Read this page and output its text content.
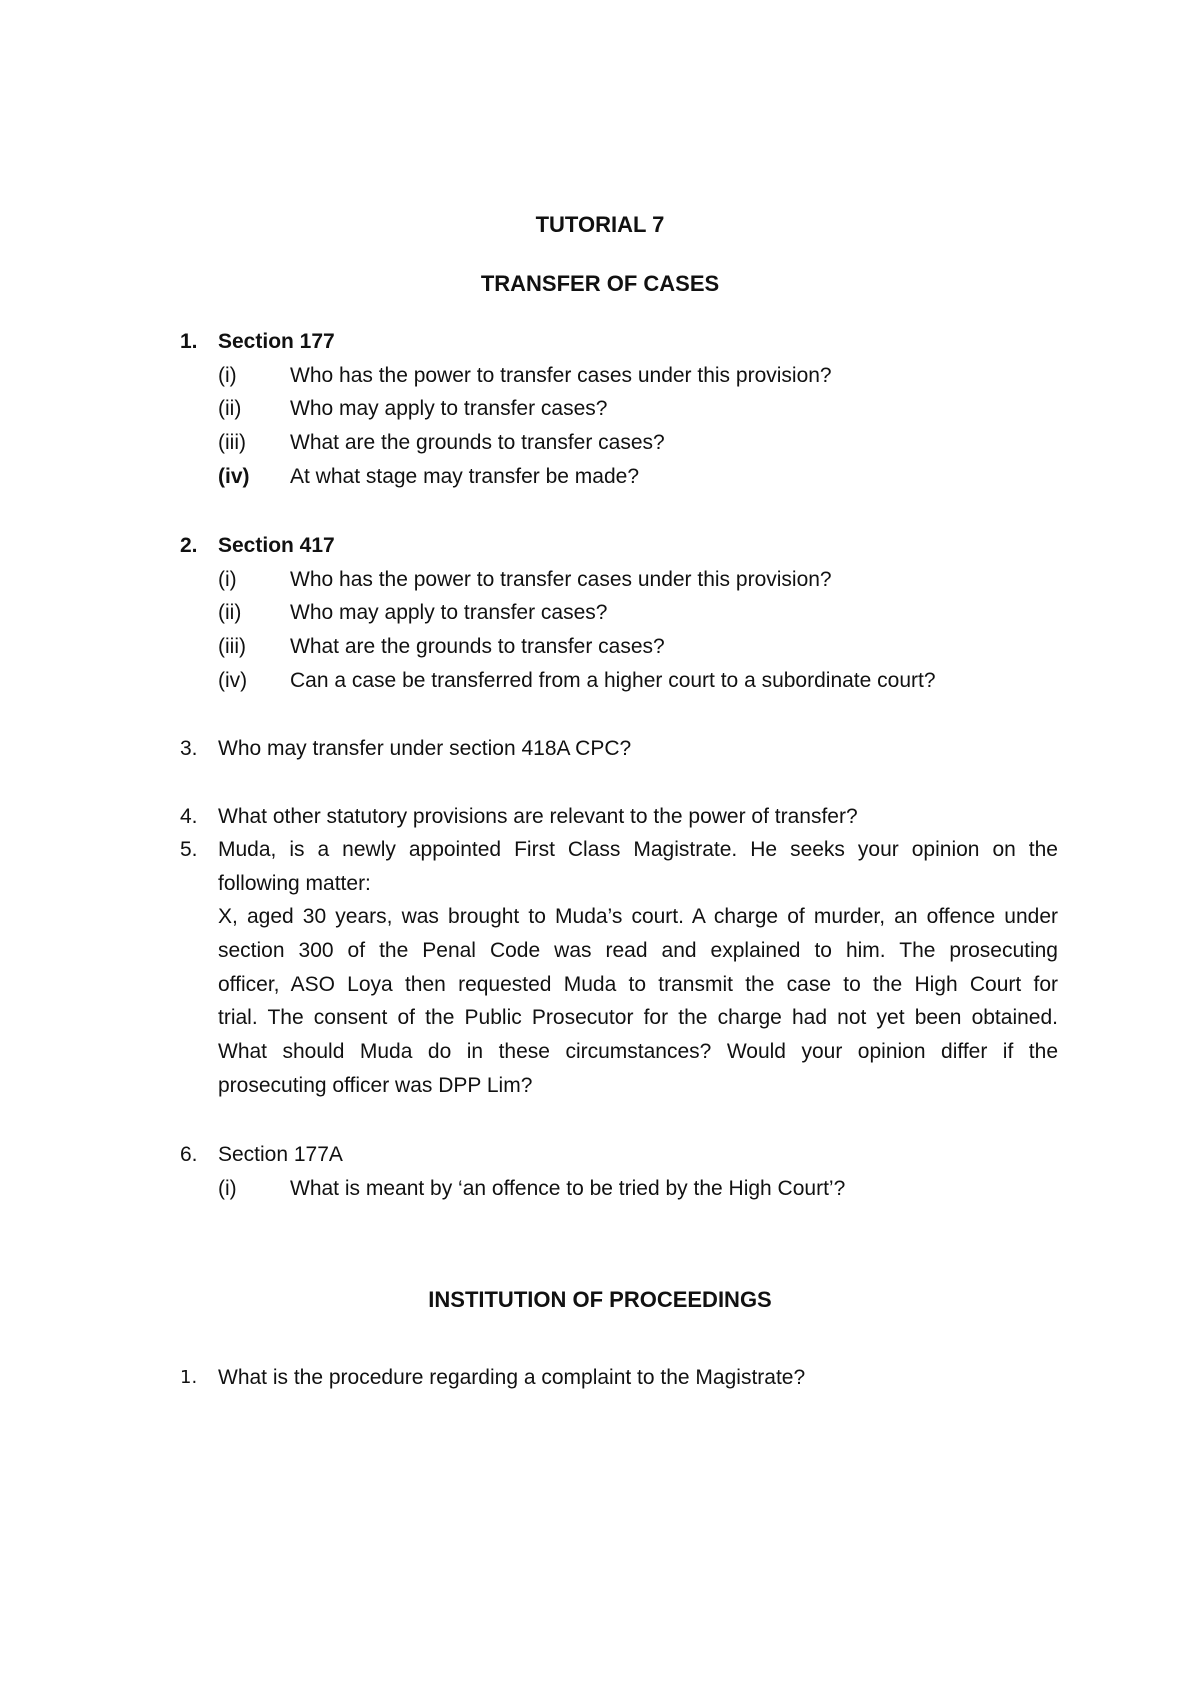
TUTORIAL 7
TRANSFER OF CASES
1. Section 177
(i)	Who has the power to transfer cases under this provision?
(ii) Who may apply to transfer cases?
(iii) What are the grounds to transfer cases?
(iv) At what stage may transfer be made?
2. Section 417
(i)	Who has the power to transfer cases under this provision?
(ii) Who may apply to transfer cases?
(iii) What are the grounds to transfer cases?
(iv) Can a case be transferred from a higher court to a subordinate court?
3. Who may transfer under section 418A CPC?
4. What other statutory provisions are relevant to the power of transfer?
5. Muda, is a newly appointed First Class Magistrate. He seeks your opinion on the
following matter:
X, aged 30 years, was brought to Muda’s court. A charge of murder, an offence under
section 300 of the Penal Code was read and explained to him. The prosecuting
officer, ASO Loya then requested Muda to transmit the case to the High Court for
trial. The consent of the Public Prosecutor for the charge had not yet been obtained.
What should Muda do in these circumstances? Would your opinion differ if the
prosecuting officer was DPP Lim?
6. Section 177A
(i)	What is meant by ‘an offence to be tried by the High Court’?
INSTITUTION OF PROCEEDINGS
1. What is the procedure regarding a complaint to the Magistrate?
